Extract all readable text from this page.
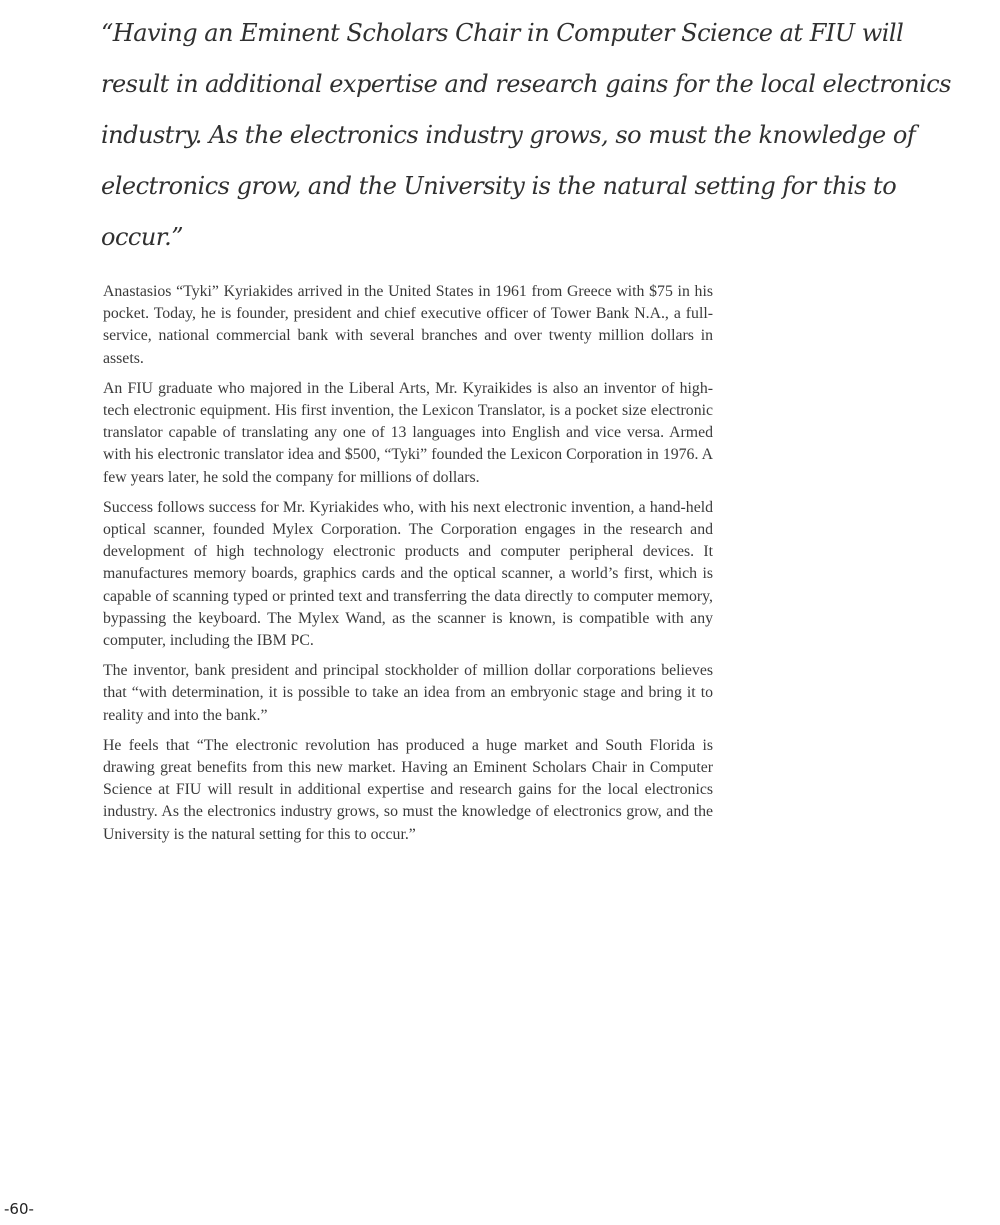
“Having an Eminent Scholars Chair in Computer Science at FIU will result in additional expertise and research gains for the local electronics industry. As the electronics industry grows, so must the knowledge of electronics grow, and the University is the natural setting for this to occur.”

Anastasios “Tyki” Kyriakides arrived in the United States in 1961 from Greece with $75 in his pocket. Today, he is founder, president and chief executive officer of Tower Bank N.A., a full-service, national commercial bank with several branches and over twenty million dollars in assets.

An FIU graduate who majored in the Liberal Arts, Mr. Kyraikides is also an inventor of high-tech electronic equipment. His first invention, the Lexicon Translator, is a pocket size electronic translator capable of translating any one of 13 languages into English and vice versa. Armed with his electronic translator idea and $500, “Tyki” founded the Lexicon Corporation in 1976. A few years later, he sold the company for millions of dollars.

Success follows success for Mr. Kyriakides who, with his next electronic invention, a hand-held optical scanner, founded Mylex Corporation. The Corporation engages in the research and development of high technology electronic products and computer peripheral devices. It manufactures memory boards, graphics cards and the optical scanner, a world’s first, which is capable of scanning typed or printed text and transferring the data directly to computer memory, bypassing the keyboard. The Mylex Wand, as the scanner is known, is compatible with any computer, including the IBM PC.

The inventor, bank president and principal stockholder of million dollar corporations believes that “with determination, it is possible to take an idea from an embryonic stage and bring it to reality and into the bank.”

He feels that “The electronic revolution has produced a huge market and South Florida is drawing great benefits from this new market. Having an Eminent Scholars Chair in Computer Science at FIU will result in additional expertise and research gains for the local electronics industry. As the electronics industry grows, so must the knowledge of electronics grow, and the University is the natural setting for this to occur.”

-60-
